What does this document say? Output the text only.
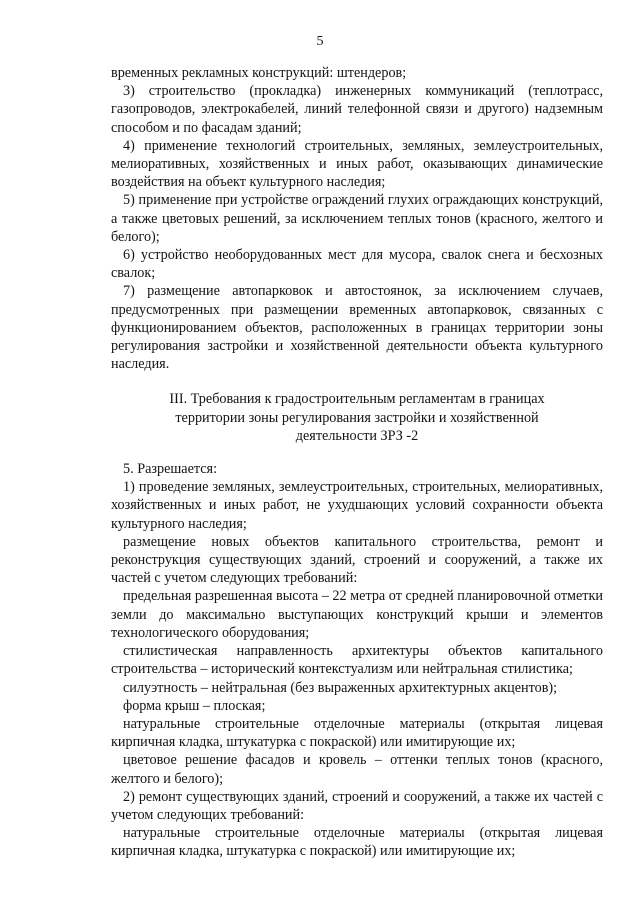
5

временных рекламных конструкций: штендеров;

3) строительство (прокладка) инженерных коммуникаций (теплотрасс, газопроводов, электрокабелей, линий телефонной связи и другого) надземным способом и по фасадам зданий;

4) применение технологий строительных, земляных, землеустроительных, мелиоративных, хозяйственных и иных работ, оказывающих динамические воздействия на объект культурного наследия;

5) применение при устройстве ограждений глухих ограждающих конструкций, а также цветовых решений, за исключением теплых тонов (красного, желтого и белого);

6) устройство необорудованных мест для мусора, свалок снега и бесхозных свалок;

7) размещение автопарковок и автостоянок, за исключением случаев, предусмотренных при размещении временных автопарковок, связанных с функционированием объектов, расположенных в границах территории зоны регулирования застройки и хозяйственной деятельности объекта культурного наследия.

III. Требования к градостроительным регламентам в границах территории зоны регулирования застройки и хозяйственной деятельности ЗРЗ -2

5. Разрешается:

1) проведение земляных, землеустроительных, строительных, мелиоративных, хозяйственных и иных работ, не ухудшающих условий сохранности объекта культурного наследия;

размещение новых объектов капитального строительства, ремонт и реконструкция существующих зданий, строений и сооружений, а также их частей с учетом следующих требований:

предельная разрешенная высота – 22 метра от средней планировочной отметки земли до максимально выступающих конструкций крыши и элементов технологического оборудования;

стилистическая направленность архитектуры объектов капитального строительства – исторический контекстуализм или нейтральная стилистика;

силуэтность – нейтральная (без выраженных архитектурных акцентов);

форма крыш – плоская;

натуральные строительные отделочные материалы (открытая лицевая кирпичная кладка, штукатурка с покраской) или имитирующие их;

цветовое решение фасадов и кровель – оттенки теплых тонов (красного, желтого и белого);

2) ремонт существующих зданий, строений и сооружений, а также их частей с учетом следующих требований:

натуральные строительные отделочные материалы (открытая лицевая кирпичная кладка, штукатурка с покраской) или имитирующие их;
